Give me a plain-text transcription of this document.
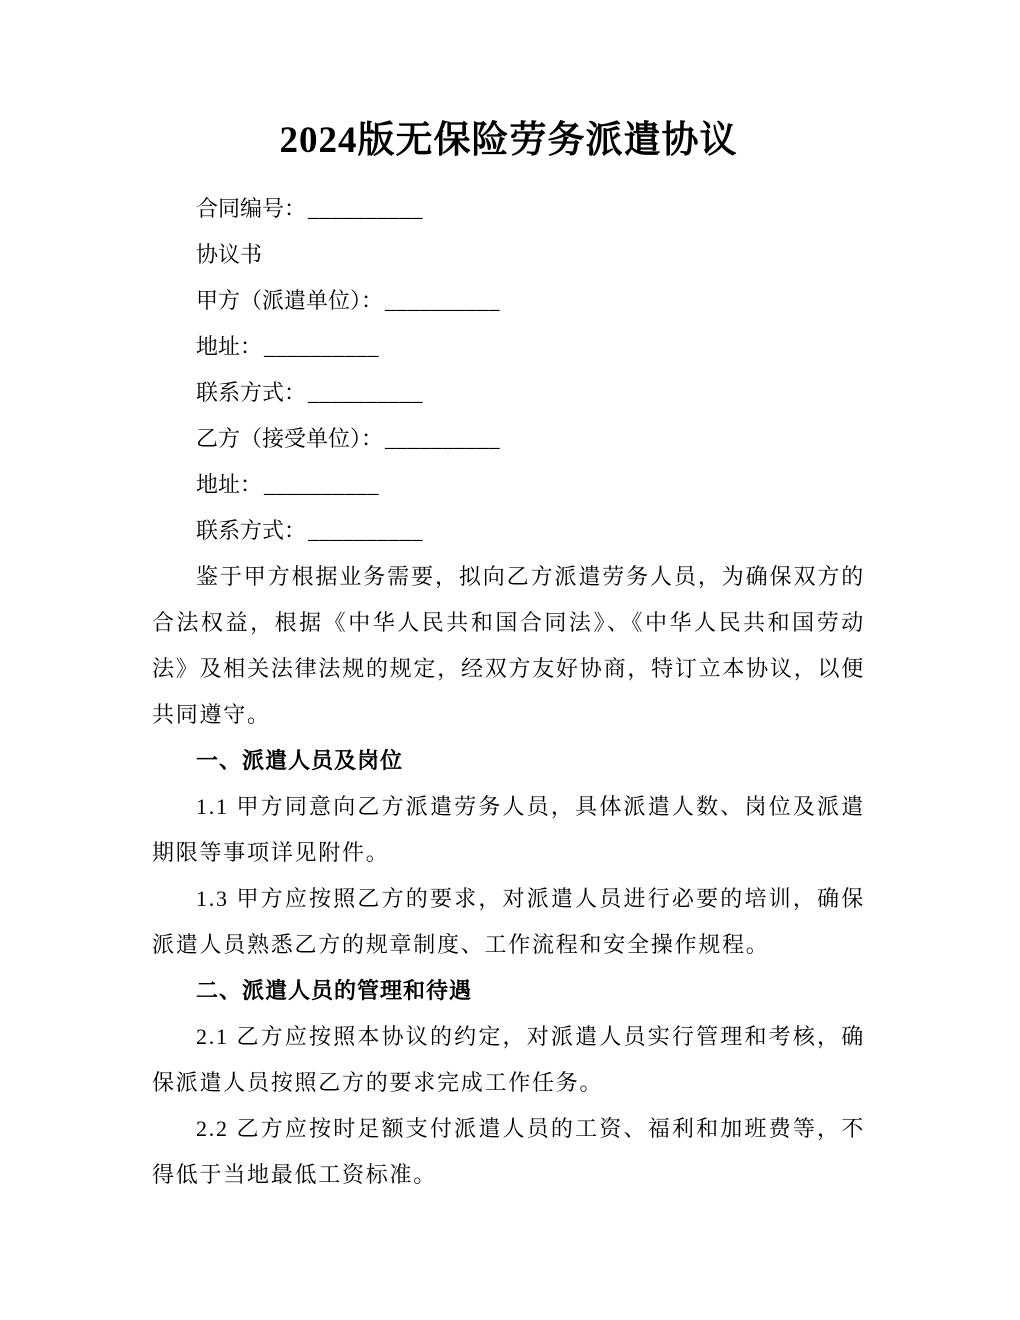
2024版无保险劳务派遣协议

合同编号：__________

协议书

甲方（派遣单位）：__________

地址：__________

联系方式：__________

乙方（接受单位）：__________

地址：__________

联系方式：__________

鉴于甲方根据业务需要，拟向乙方派遣劳务人员，为确保双方的合法权益，根据《中华人民共和国合同法》、《中华人民共和国劳动法》及相关法律法规的规定，经双方友好协商，特订立本协议，以便共同遵守。

一、派遣人员及岗位

1.1 甲方同意向乙方派遣劳务人员，具体派遣人数、岗位及派遣期限等事项详见附件。

1.3 甲方应按照乙方的要求，对派遣人员进行必要的培训，确保派遣人员熟悉乙方的规章制度、工作流程和安全操作规程。

二、派遣人员的管理和待遇

2.1 乙方应按照本协议的约定，对派遣人员实行管理和考核，确保派遣人员按照乙方的要求完成工作任务。

2.2 乙方应按时足额支付派遣人员的工资、福利和加班费等，不得低于当地最低工资标准。
